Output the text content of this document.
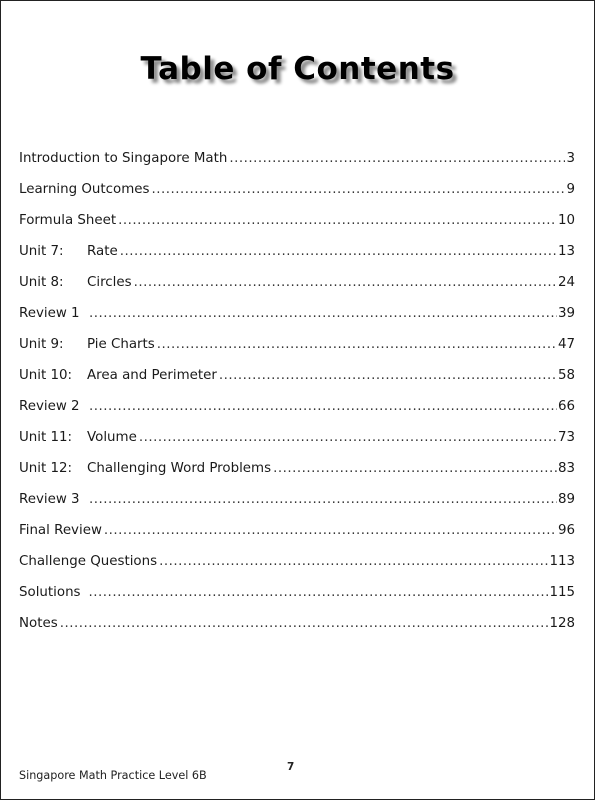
Table of Contents
Introduction to Singapore Math .....	3
Learning Outcomes .....	9
Formula Sheet .....	10
Unit 7:	Rate .....	13
Unit 8:	Circles .....	24
Review 1 .....	39
Unit 9:	Pie Charts .....	47
Unit 10:	Area and Perimeter .....	58
Review 2 .....	66
Unit 11:	Volume .....	73
Unit 12:	Challenging Word Problems .....	83
Review 3 .....	89
Final Review .....	96
Challenge Questions .....	113
Solutions .....	115
Notes .....	128
7
Singapore Math Practice Level 6B
